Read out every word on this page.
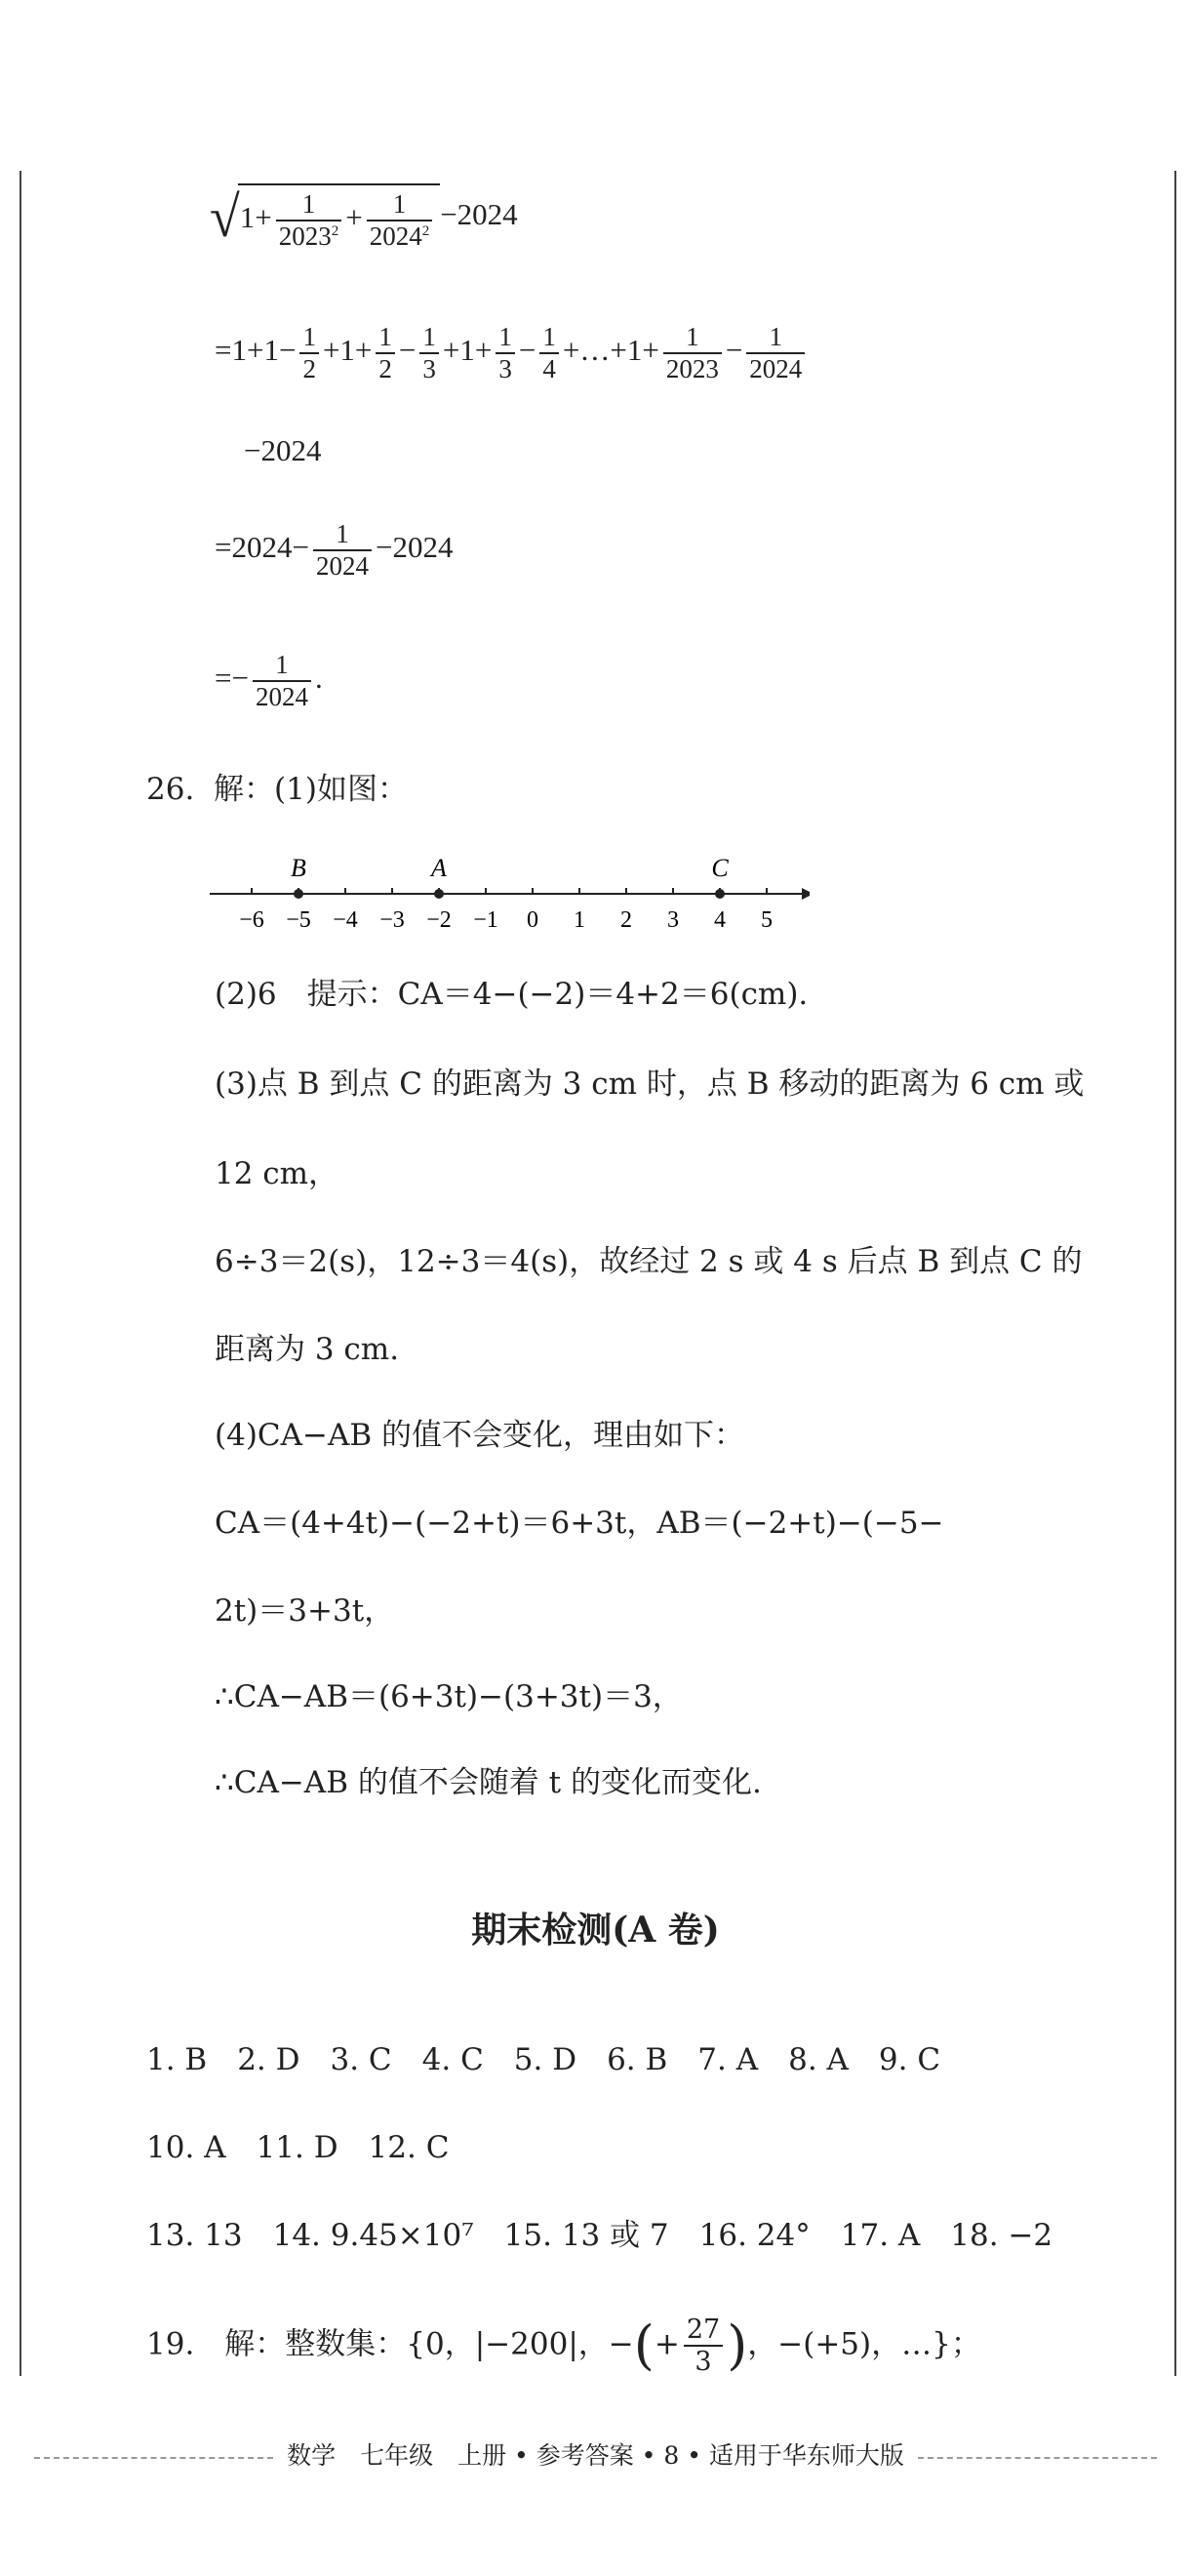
$√1+ \frac{1}{2023^2} + \frac{1}{2024^2} -2024$
$=1+1- \frac{1}{2} +1+ \frac{1}{2} - \frac{1}{3} +1+ \frac{1}{3} - \frac{1}{4}$ +…+1+ $\frac{1}{2023} - \frac{1}{2024}$
−2024
$=2024- \frac{1}{2024} -2024$
=− $\frac{1}{2024}$ .
26. 解：(1)如图：
−6 −5 −4 −3 −2 −1 0 1 2 3 4 5
B	A	C
(2)6　提示：CA＝4−(−2)＝4+2＝6(cm).
(3)点 B 到点 C 的距离为 3 cm 时，点 B 移动的距离为 6 cm 或
12 cm，
6÷3＝2(s)，12÷3＝4(s)，故经过 2 s 或 4 s 后点 B 到点 C 的
距离为 3 cm.
(4)CA−AB 的值不会变化，理由如下：
CA＝(4+4t)−(−2+t)＝6+3t，AB＝(−2+t)−(−5−
2t)＝3+3t，
∴CA−AB＝(6+3t)−(3+3t)＝3，
∴CA−AB 的值不会随着 t 的变化而变化.
期末检测(A 卷)
1. B　2. D　3. C　4. C　5. D　6. B　7. A　8. A　9. C
10. A　11. D　12. C
13. 13　14. 9.45×10⁷　15. 13 或 7　16. 24°　17. A　18. −2
19.　解：整数集：{0，|−200|，−(+ $\frac{27}{3}$ )，−(+5)，…}；
数学　七年级　上册 • 参考答案 • 8 • 适用于华东师大版
